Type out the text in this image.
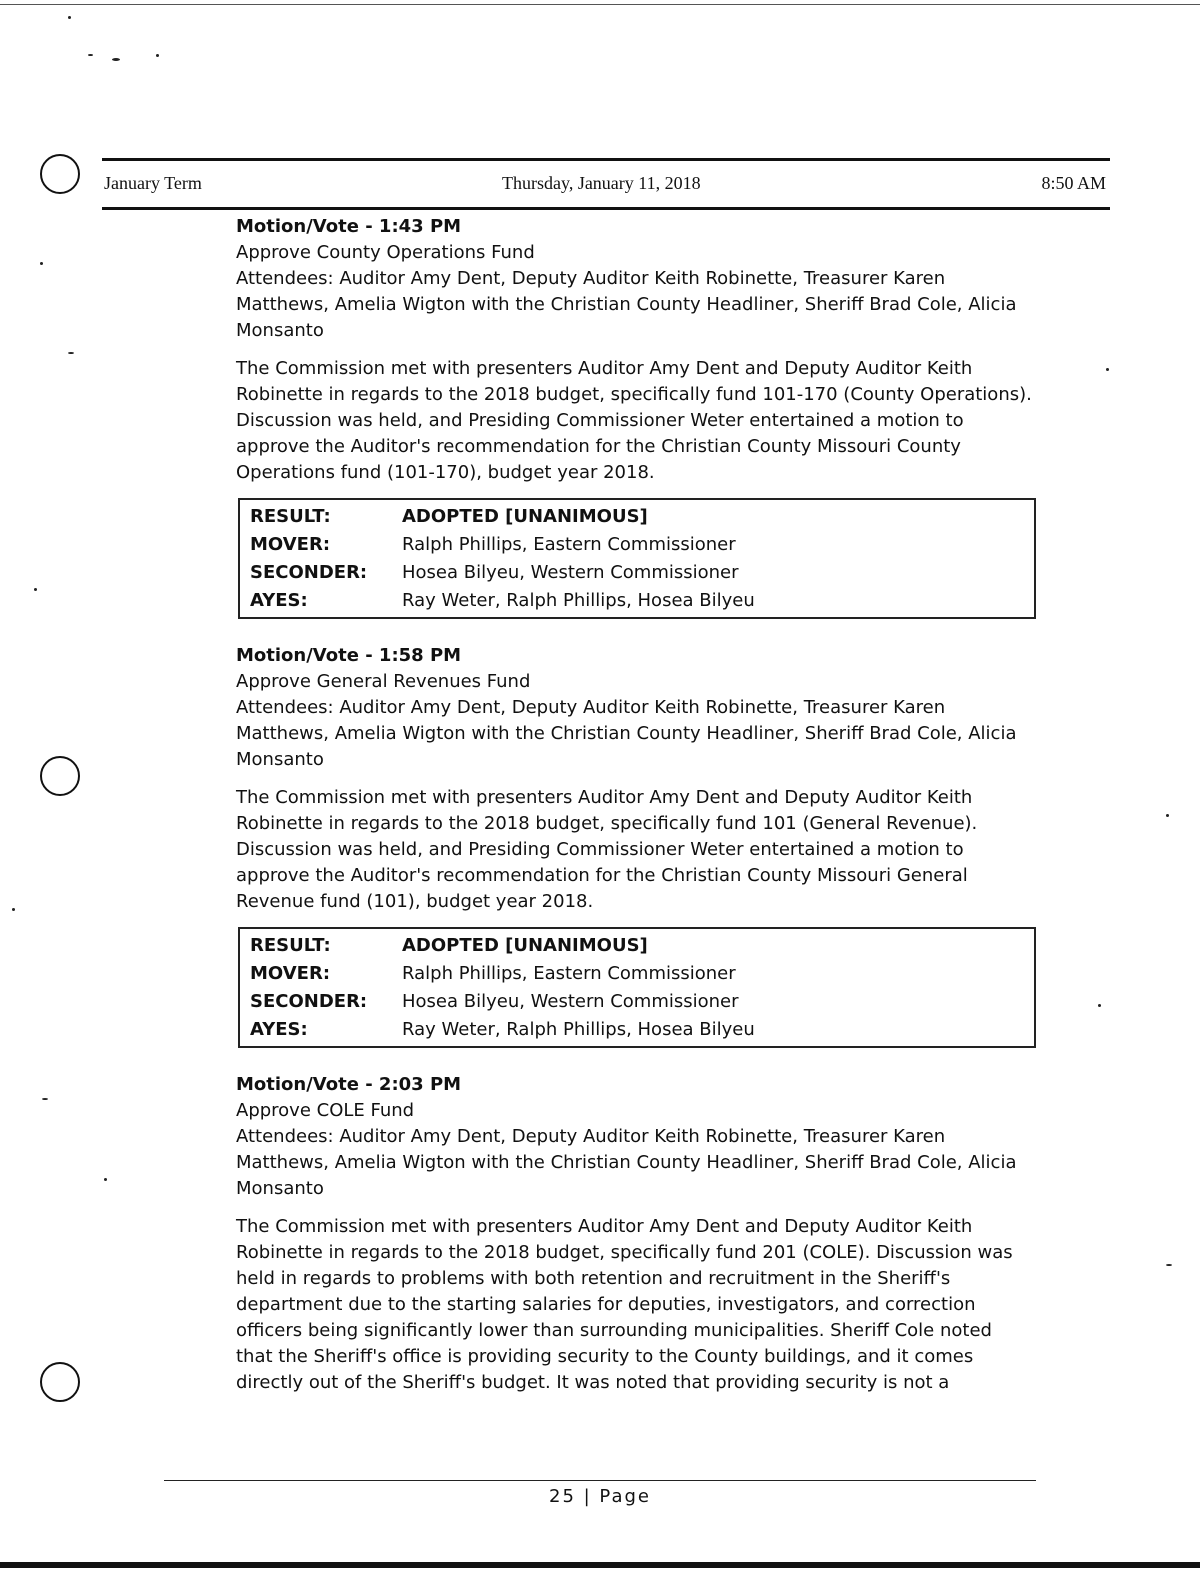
January Term	Thursday, January 11, 2018	8:50 AM

Motion/Vote - 1:43 PM

Approve County Operations Fund

Attendees: Auditor Amy Dent, Deputy Auditor Keith Robinette, Treasurer Karen

Matthews, Amelia Wigton with the Christian County Headliner, Sheriff Brad Cole, Alicia

Monsanto

The Commission met with presenters Auditor Amy Dent and Deputy Auditor Keith

Robinette in regards to the 2018 budget, specifically fund 101-170 (County Operations).

Discussion was held, and Presiding Commissioner Weter entertained a motion to

approve the Auditor's recommendation for the Christian County Missouri County

Operations fund (101-170), budget year 2018.

RESULT:	ADOPTED [UNANIMOUS]
MOVER:	Ralph Phillips, Eastern Commissioner
SECONDER:	Hosea Bilyeu, Western Commissioner
AYES:	Ray Weter, Ralph Phillips, Hosea Bilyeu

Motion/Vote - 1:58 PM

Approve General Revenues Fund

Attendees: Auditor Amy Dent, Deputy Auditor Keith Robinette, Treasurer Karen

Matthews, Amelia Wigton with the Christian County Headliner, Sheriff Brad Cole, Alicia

Monsanto

The Commission met with presenters Auditor Amy Dent and Deputy Auditor Keith

Robinette in regards to the 2018 budget, specifically fund 101 (General Revenue).

Discussion was held, and Presiding Commissioner Weter entertained a motion to

approve the Auditor's recommendation for the Christian County Missouri General

Revenue fund (101), budget year 2018.

RESULT:	ADOPTED [UNANIMOUS]
MOVER:	Ralph Phillips, Eastern Commissioner
SECONDER:	Hosea Bilyeu, Western Commissioner
AYES:	Ray Weter, Ralph Phillips, Hosea Bilyeu

Motion/Vote - 2:03 PM

Approve COLE Fund

Attendees: Auditor Amy Dent, Deputy Auditor Keith Robinette, Treasurer Karen

Matthews, Amelia Wigton with the Christian County Headliner, Sheriff Brad Cole, Alicia

Monsanto

The Commission met with presenters Auditor Amy Dent and Deputy Auditor Keith

Robinette in regards to the 2018 budget, specifically fund 201 (COLE). Discussion was

held in regards to problems with both retention and recruitment in the Sheriff's

department due to the starting salaries for deputies, investigators, and correction

officers being significantly lower than surrounding municipalities. Sheriff Cole noted

that the Sheriff's office is providing security to the County buildings, and it comes

directly out of the Sheriff's budget. It was noted that providing security is not a

25 | Page
